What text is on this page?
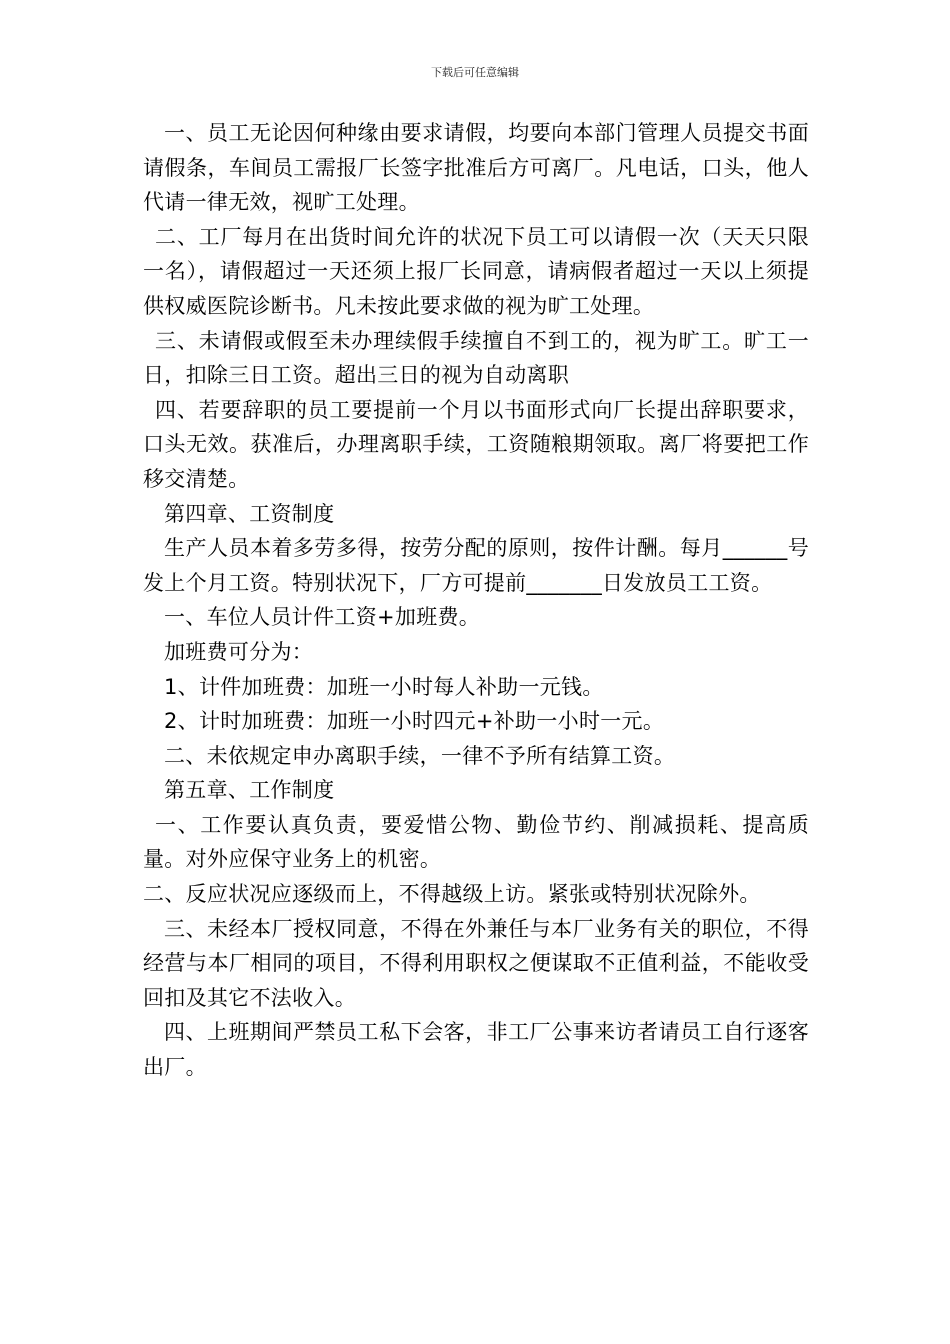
下载后可任意编辑

一、员工无论因何种缘由要求请假，均要向本部门管理人员提交书面请假条，车间员工需报厂长签字批准后方可离厂。凡电话，口头，他人代请一律无效，视旷工处理。

二、工厂每月在出货时间允许的状况下员工可以请假一次（天天只限一名），请假超过一天还须上报厂长同意，请病假者超过一天以上须提供权威医院诊断书。凡未按此要求做的视为旷工处理。

三、未请假或假至未办理续假手续擅自不到工的，视为旷工。旷工一日，扣除三日工资。超出三日的视为自动离职

四、若要辞职的员工要提前一个月以书面形式向厂长提出辞职要求，口头无效。获准后，办理离职手续，工资随粮期领取。离厂将要把工作移交清楚。

第四章、工资制度

生产人员本着多劳多得，按劳分配的原则，按件计酬。每月______号发上个月工资。特别状况下，厂方可提前_______日发放员工工资。

一、车位人员计件工资+加班费。

加班费可分为：

1、计件加班费：加班一小时每人补助一元钱。

2、计时加班费：加班一小时四元+补助一小时一元。

二、未依规定申办离职手续，一律不予所有结算工资。

第五章、工作制度

一、工作要认真负责，要爱惜公物、勤俭节约、削减损耗、提高质量。对外应保守业务上的机密。

二、反应状况应逐级而上，不得越级上访。紧张或特别状况除外。

三、未经本厂授权同意，不得在外兼任与本厂业务有关的职位，不得经营与本厂相同的项目，不得利用职权之便谋取不正值利益，不能收受回扣及其它不法收入。

四、上班期间严禁员工私下会客，非工厂公事来访者请员工自行逐客出厂。
